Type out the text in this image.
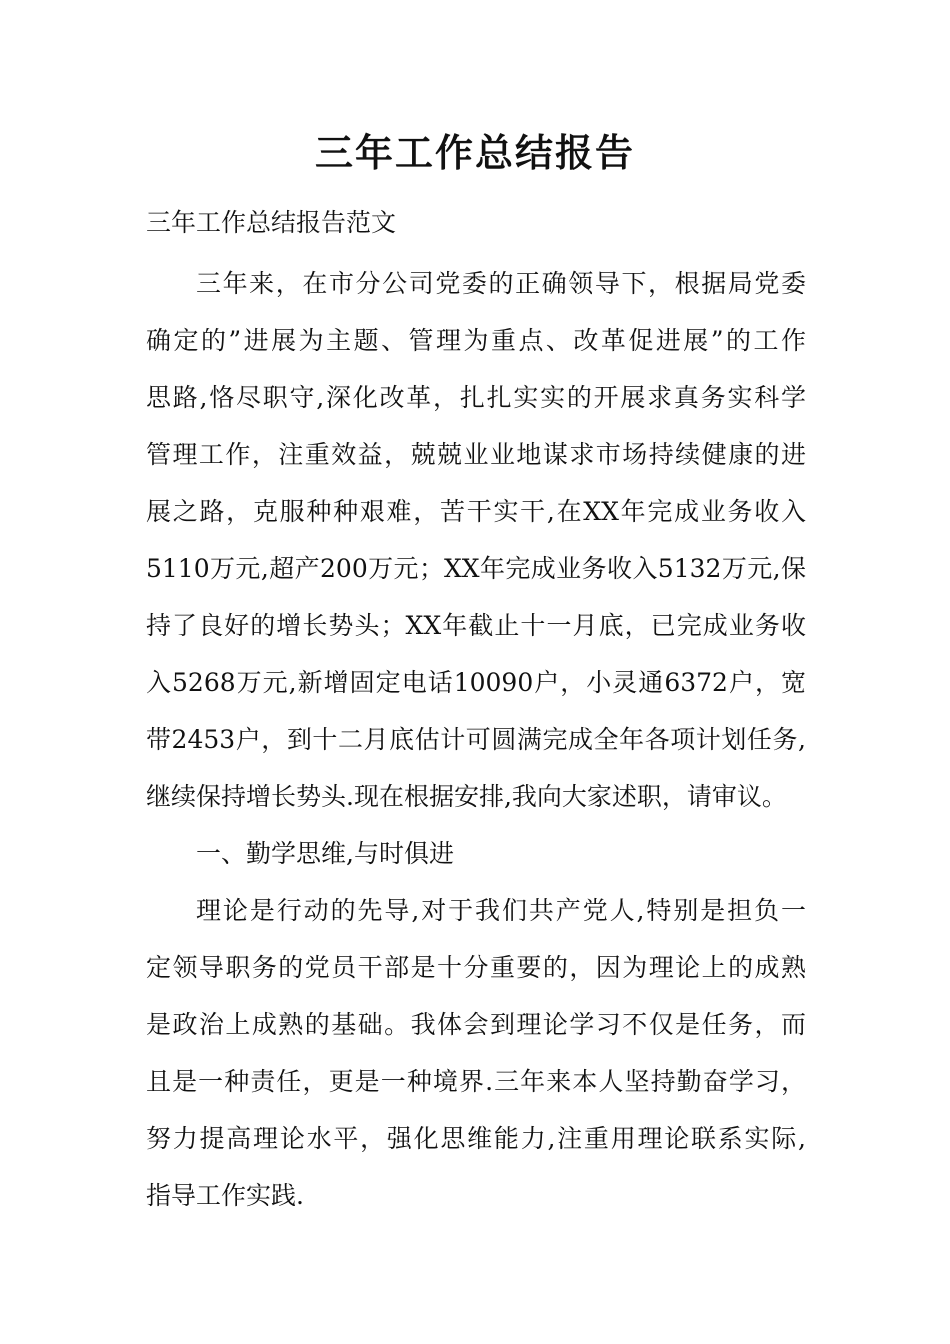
三年工作总结报告

三年工作总结报告范文

三年来，在市分公司党委的正确领导下，根据局党委

确定的”进展为主题、管理为重点、改革促进展”的工作

思路,恪尽职守,深化改革，扎扎实实的开展求真务实科学

管理工作，注重效益，兢兢业业地谋求市场持续健康的进

展之路，克服种种艰难，苦干实干,在XX年完成业务收入

5110万元,超产200万元；XX年完成业务收入5132万元,保

持了良好的增长势头；XX年截止十一月底，已完成业务收

入5268万元,新增固定电话10090户，小灵通6372户，宽

带2453户，到十二月底估计可圆满完成全年各项计划任务,

继续保持增长势头.现在根据安排,我向大家述职，请审议。

一、勤学思维,与时俱进

理论是行动的先导,对于我们共产党人,特别是担负一

定领导职务的党员干部是十分重要的，因为理论上的成熟

是政治上成熟的基础。我体会到理论学习不仅是任务，而

且是一种责任，更是一种境界.三年来本人坚持勤奋学习，

努力提高理论水平，强化思维能力,注重用理论联系实际,

指导工作实践.
